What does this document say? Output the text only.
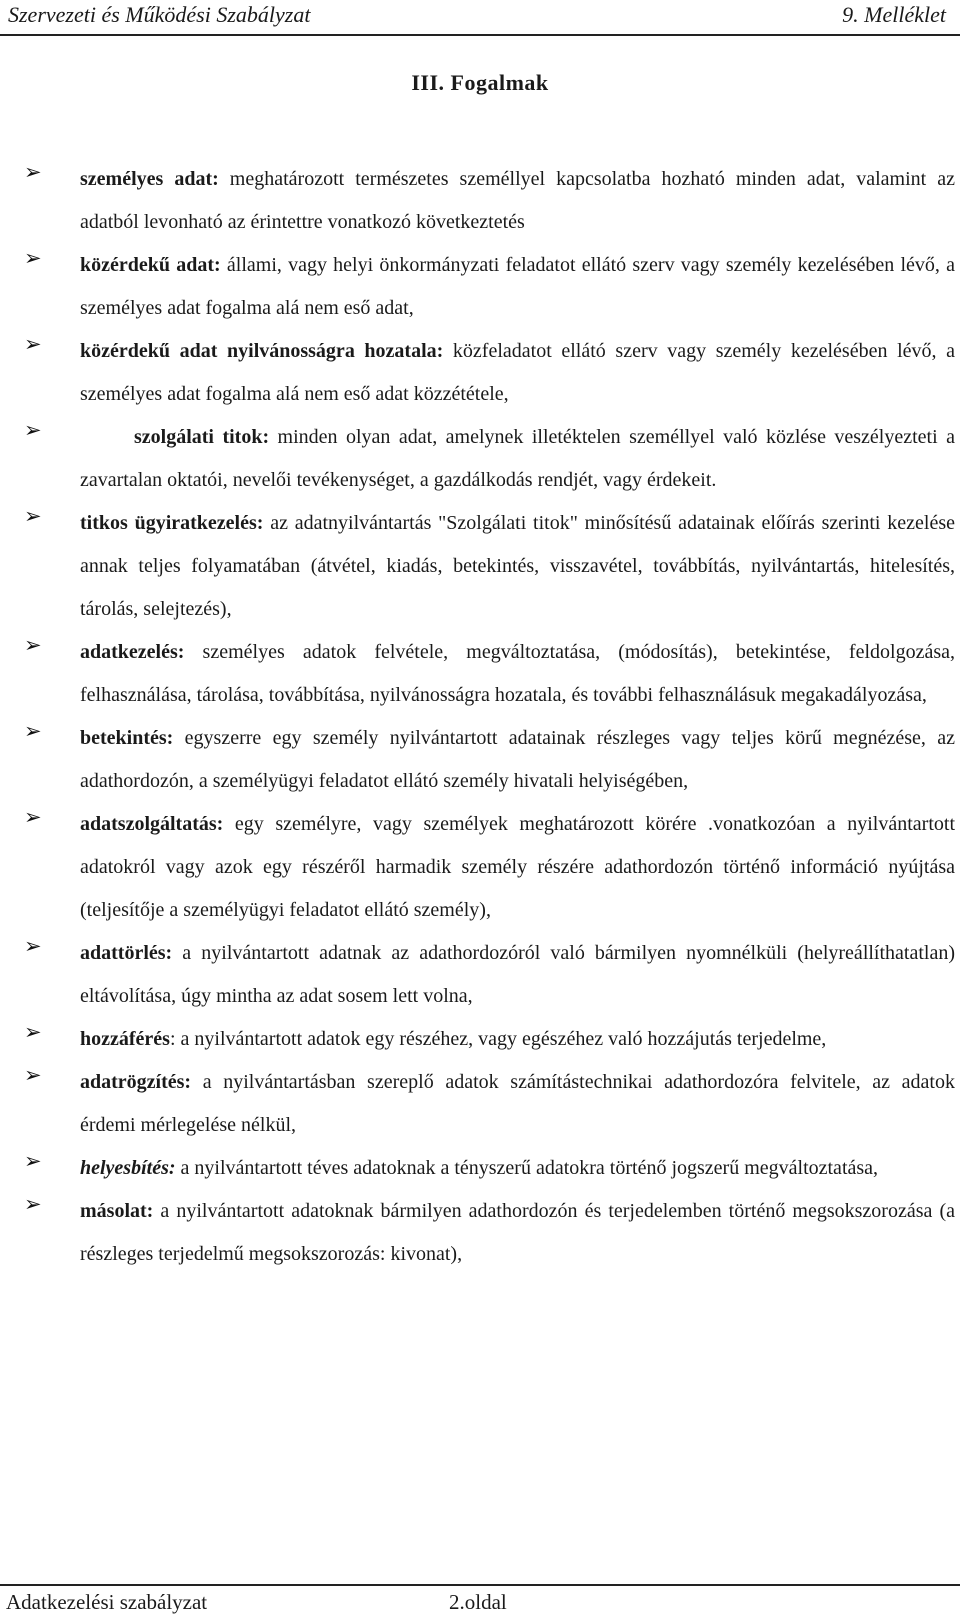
Szervezeti és Működési Szabályzat	9. Melléklet
III. Fogalmak
➢ személyes adat: meghatározott természetes személlyel kapcsolatba hozható minden adat, valamint az adatból levonható az érintettre vonatkozó következtetés
➢ közérdekű adat: állami, vagy helyi önkormányzati feladatot ellátó szerv vagy személy kezelésében lévő, a személyes adat fogalma alá nem eső adat,
➢ közérdekű adat nyilvánosságra hozatala: közfeladatot ellátó szerv vagy személy kezelésében lévő, a személyes adat fogalma alá nem eső adat közzététele,
➢	szolgálati titok: minden olyan adat, amelynek illetéktelen személlyel való közlése veszélyezteti a zavartalan oktatói, nevelői tevékenységet, a gazdálkodás rendjét, vagy érdekeit.
➢ titkos ügyiratkezelés: az adatnyilvántartás "Szolgálati titok" minősítésű adatainak előírás szerinti kezelése annak teljes folyamatában (átvétel, kiadás, betekintés, visszavétel, továbbítás, nyilvántartás, hitelesítés, tárolás, selejtezés),
➢ adatkezelés: személyes adatok felvétele, megváltoztatása, (módosítás), betekintése, feldolgozása, felhasználása, tárolása, továbbítása, nyilvánosságra hozatala, és további felhasználásuk megakadályozása,
➢ betekintés: egyszerre egy személy nyilvántartott adatainak részleges vagy teljes körű megnézése, az adathordozón, a személyügyi feladatot ellátó személy hivatali helyiségében,
➢ adatszolgáltatás: egy személyre, vagy személyek meghatározott körére .vonatkozóan a nyilvántartott adatokról vagy azok egy részéről harmadik személy részére adathordozón történő információ nyújtása (teljesítője a személyügyi feladatot ellátó személy),
➢ adattörlés: a nyilvántartott adatnak az adathordozóról való bármilyen nyomnélküli (helyreállíthatatlan) eltávolítása, úgy mintha az adat sosem lett volna,
➢ hozzáférés: a nyilvántartott adatok egy részéhez, vagy egészéhez való hozzájutás terjedelme,
➢ adatrögzítés: a nyilvántartásban szereplő adatok számítástechnikai adathordozóra felvitele, az adatok érdemi mérlegelése nélkül,
➢ helyesbítés: a nyilvántartott téves adatoknak a tényszerű adatokra történő jogszerű megváltoztatása,
➢ másolat: a nyilvántartott adatoknak bármilyen adathordozón és terjedelemben történő megsokszorozása (a részleges terjedelmű megsokszorozás: kivonat),
Adatkezelési szabályzat	2.oldal
